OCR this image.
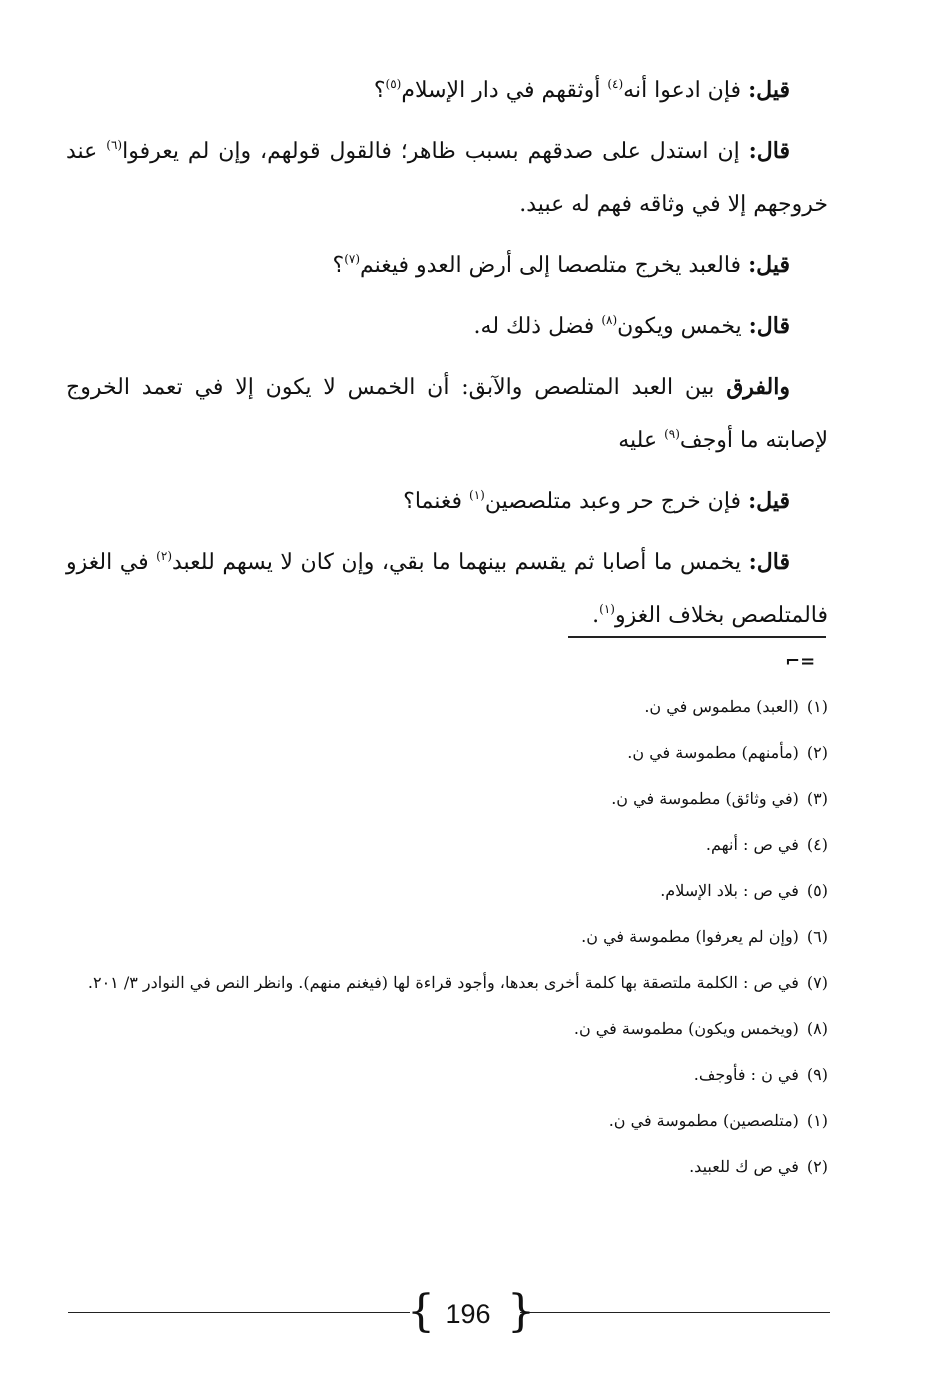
قيل: فإن ادعوا أنه$^{(٤)}$ أوثقهم في دار الإسلام$^{(٥)}$؟

قال: إن استدل على صدقهم بسبب ظاهر؛ فالقول قولهم، وإن لم يعرفوا$^{(٦)}$ عند خروجهم إلا في وثاقه فهم له عبيد.

قيل: فالعبد يخرج متلصصا إلى أرض العدو فيغنم$^{(٧)}$؟

قال: يخمس ويكون$^{(٨)}$ فضل ذلك له.

والفرق بين العبد المتلصص والآبق: أن الخمس لا يكون إلا في تعمد الخروج لإصابته ما أوجف$^{(٩)}$ عليه

قيل: فإن خرج حر وعبد متلصصين$^{(١)}$ فغنما؟

قال: يخمس ما أصابا ثم يقسم بينهما ما بقي، وإن كان لا يسهم للعبد$^{(٢)}$ في الغزو فالمتلصص بخلاف الغزو$^{(١)}$.

⌐=
(١)
(العبد) مطموس في ن.
(٢)
(مأمنهم) مطموسة في ن.
(٣)
(في وثائق) مطموسة في ن.
(٤)
في ص : أنهم.
(٥)
في ص : بلاد الإسلام.
(٦)
(وإن لم يعرفوا) مطموسة في ن.
(٧)
في ص : الكلمة ملتصقة بها كلمة أخرى بعدها، وأجود قراءة لها (فيغنم منهم). وانظر النص في النوادر ٣/ ٢٠١.
(٨)
(ويخمس ويكون) مطموسة في ن.
(٩)
في ن : فأوجف.
(١)
(متلصصين) مطموسة في ن.
(٢)
في ص ك للعبيد.
{ 196 }
